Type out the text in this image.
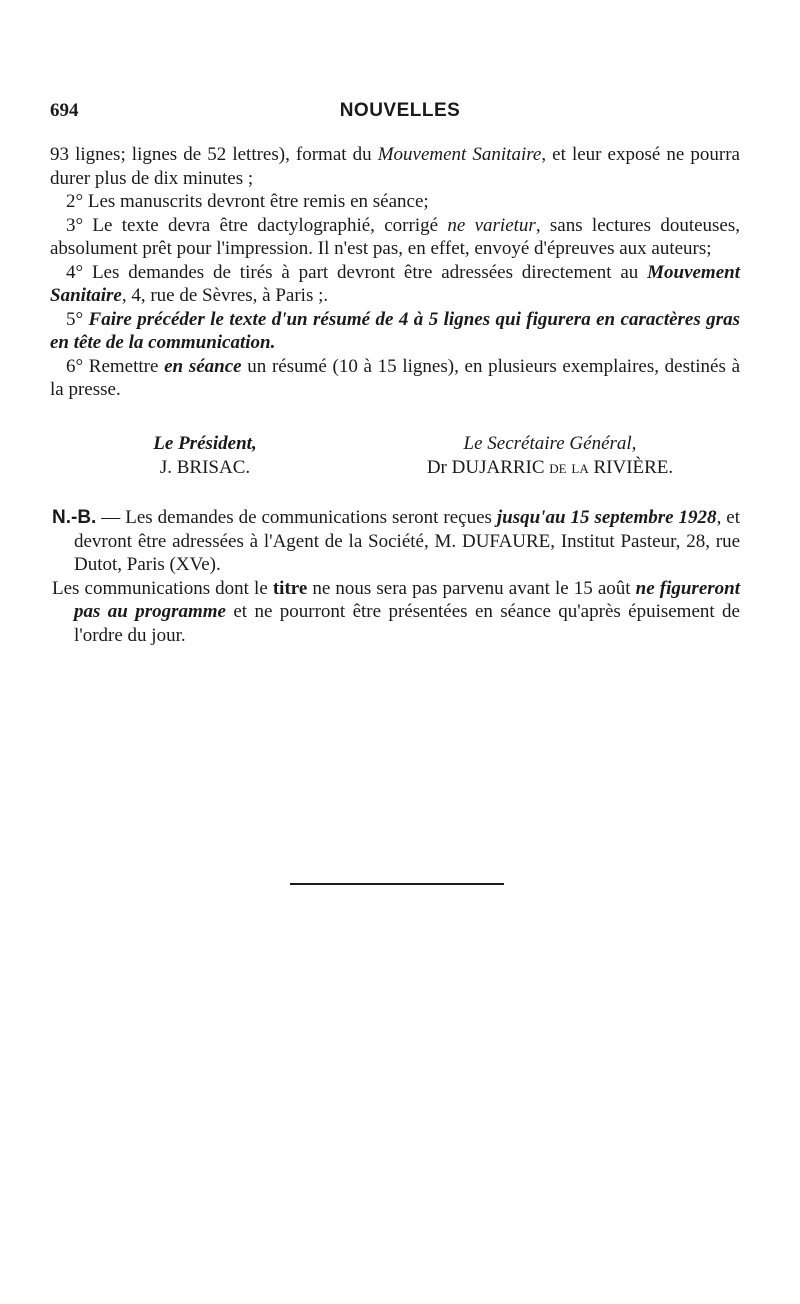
694	NOUVELLES

93 lignes; lignes de 52 lettres), format du Mouvement Sanitaire, et leur exposé ne pourra durer plus de dix minutes ;

2° Les manuscrits devront être remis en séance;

3° Le texte devra être dactylographié, corrigé ne varietur, sans lectures douteuses, absolument prêt pour l'impression. Il n'est pas, en effet, envoyé d'épreuves aux auteurs;

4° Les demandes de tirés à part devront être adressées directement au Mouvement Sanitaire, 4, rue de Sèvres, à Paris ;.

5° Faire précéder le texte d'un résumé de 4 à 5 lignes qui figurera en caractères gras en tête de la communication.

6° Remettre en séance un résumé (10 à 15 lignes), en plusieurs exemplaires, destinés à la presse.

Le Président,
J. BRISAC.
Le Secrétaire Général,
Dr DUJARRIC de la RIVIÈRE.

N.-B. — Les demandes de communications seront reçues jusqu'au 15 septembre 1928, et devront être adressées à l'Agent de la Société, M. DUFAURE, Institut Pasteur, 28, rue Dutot, Paris (XVe).

Les communications dont le titre ne nous sera pas parvenu avant le 15 août ne figureront pas au programme et ne pourront être présentées en séance qu'après épuisement de l'ordre du jour.
